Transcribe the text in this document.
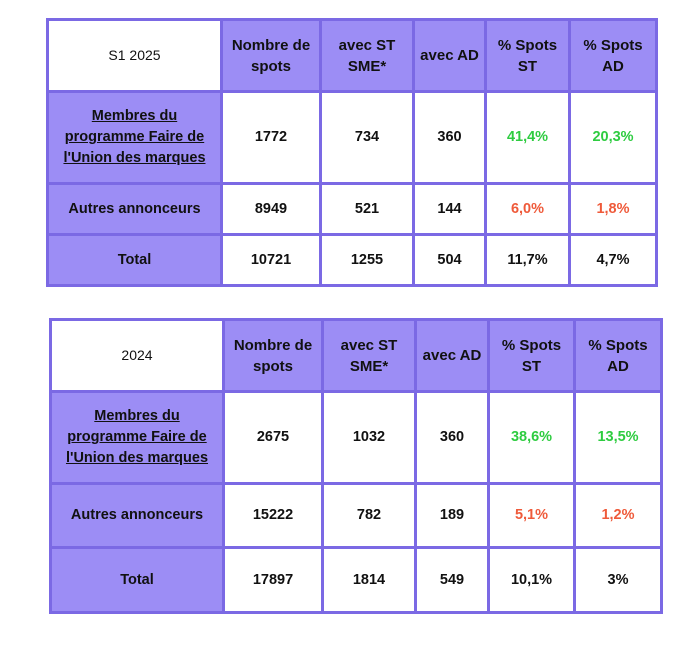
S1 2025	Nombre de spots	avec ST SME*	avec AD	% Spots ST	% Spots AD
Membres du programme Faire de l'Union des marques	1772	734	360	41,4%	20,3%
Autres annonceurs	8949	521	144	6,0%	1,8%
Total	10721	1255	504	11,7%	4,7%
2024	Nombre de spots	avec ST SME*	avec AD	% Spots ST	% Spots AD
Membres du programme Faire de l'Union des marques	2675	1032	360	38,6%	13,5%
Autres annonceurs	15222	782	189	5,1%	1,2%
Total	17897	1814	549	10,1%	3%
